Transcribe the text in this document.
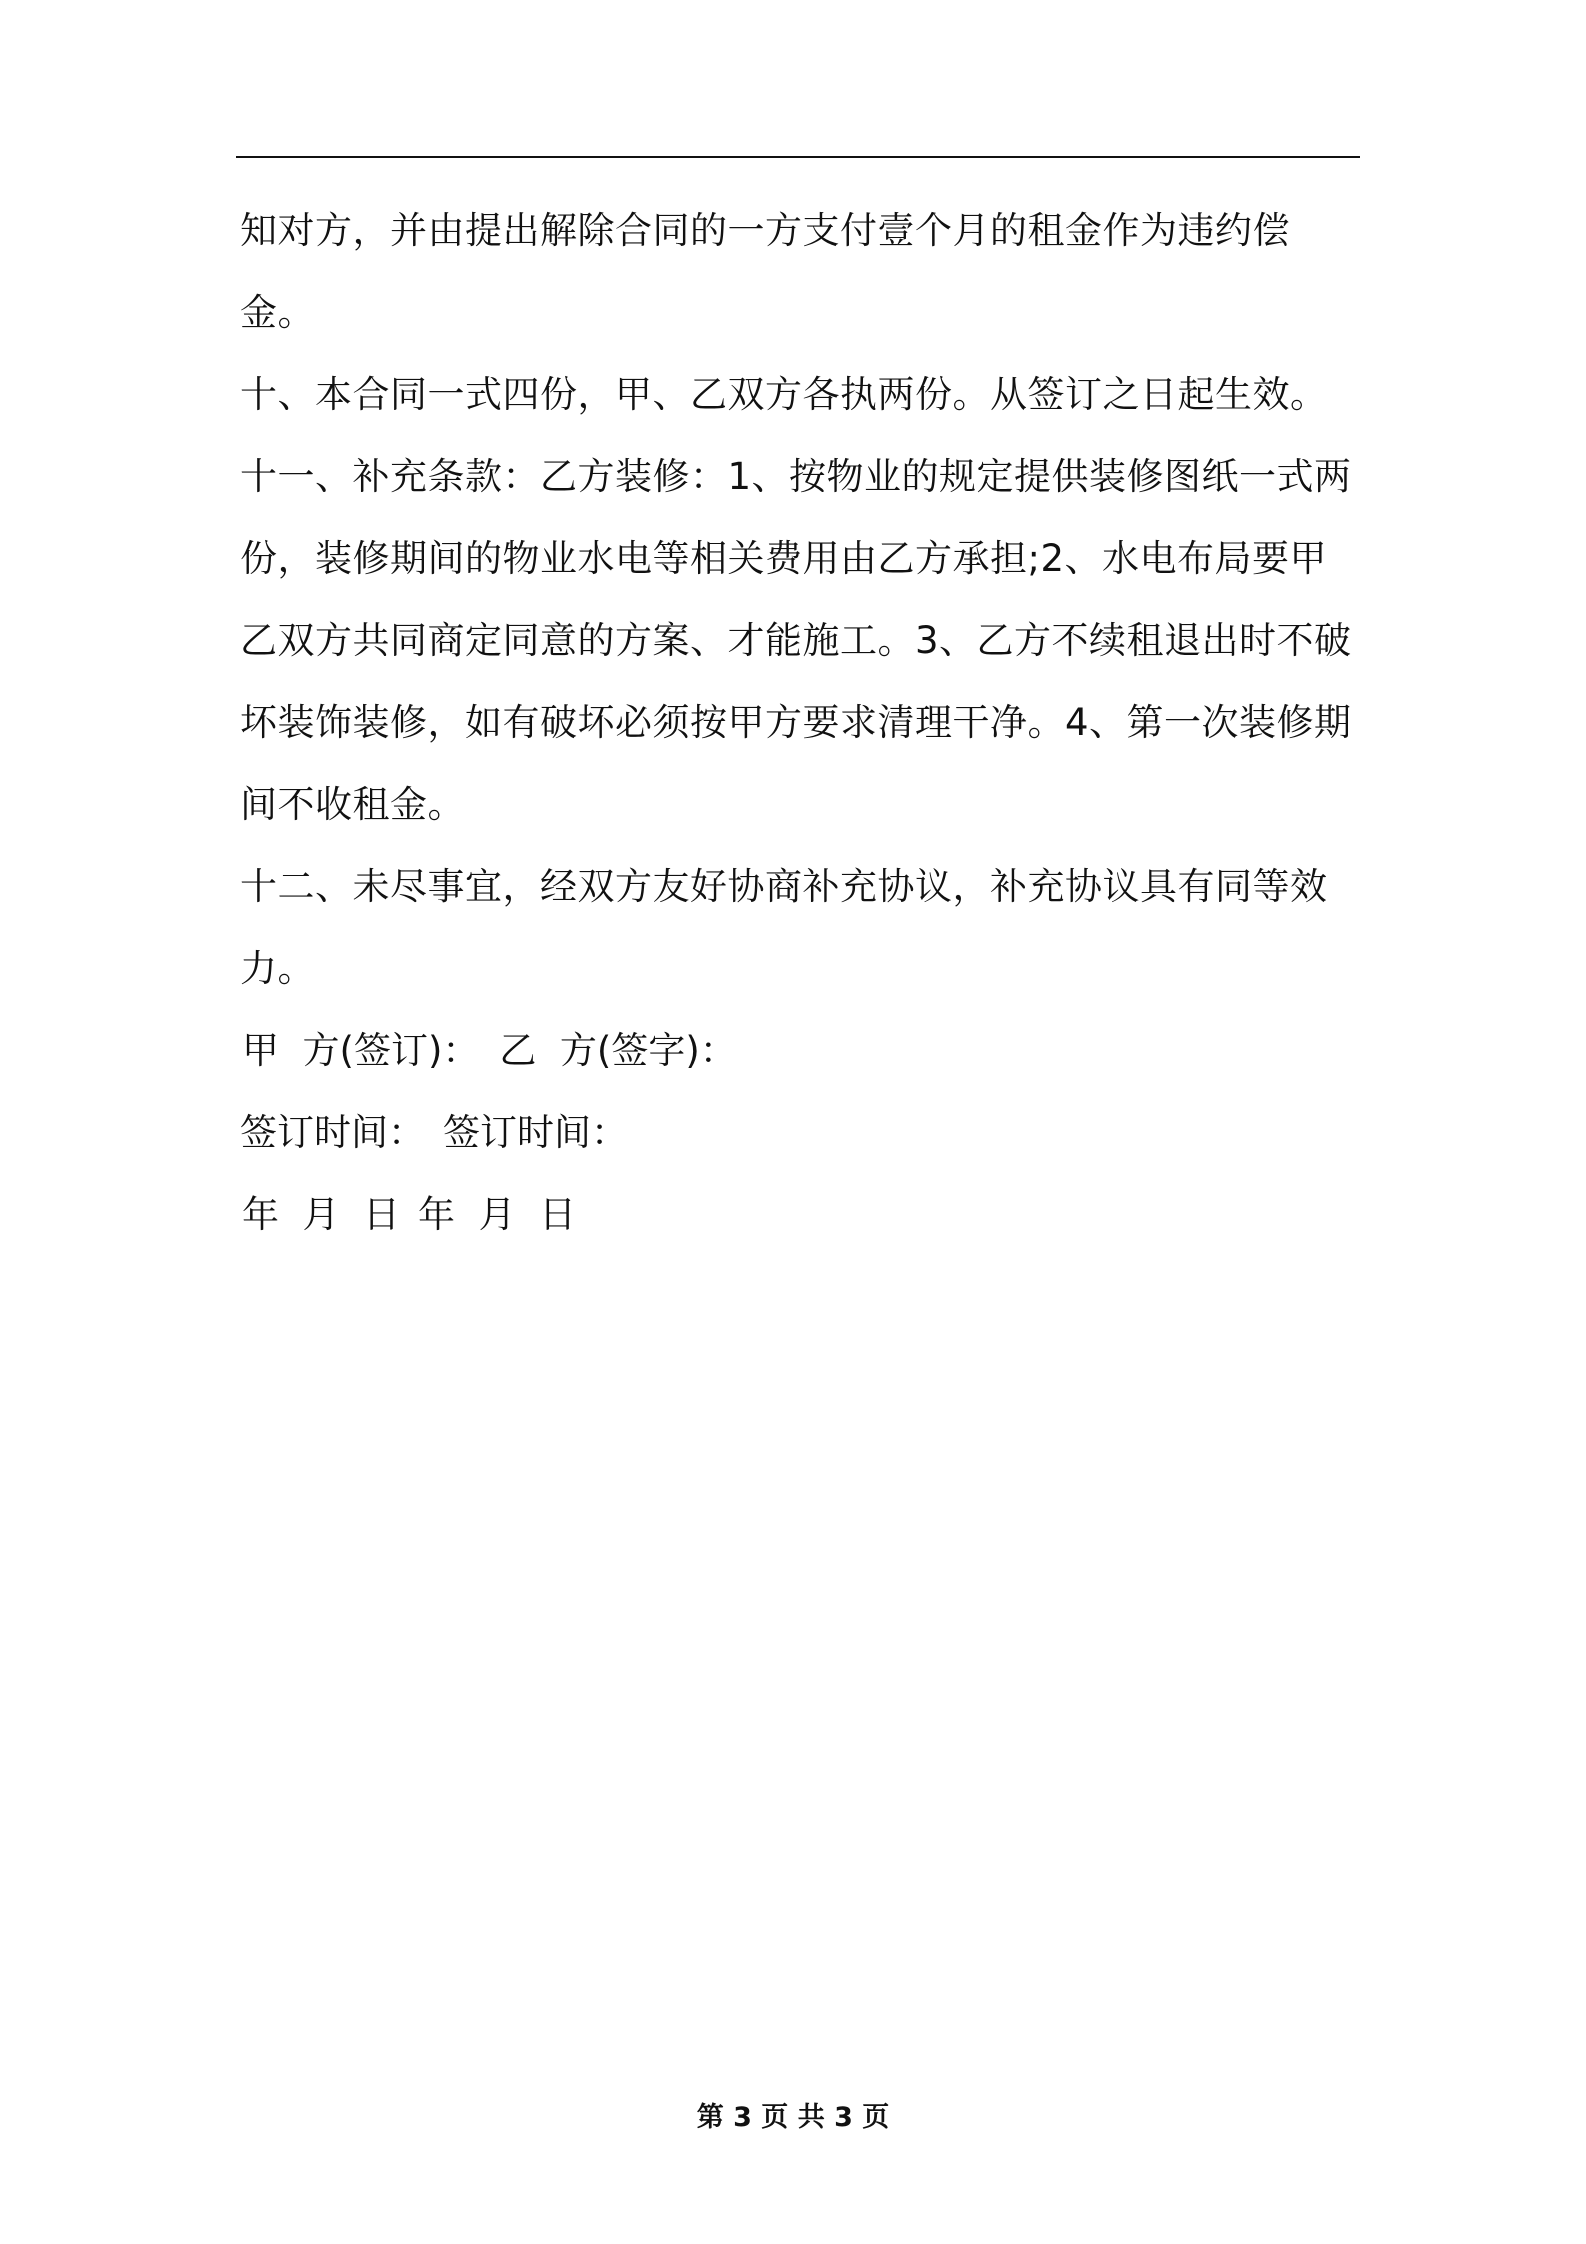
知对方，并由提出解除合同的一方支付壹个月的租金作为违约偿金。

十、本合同一式四份，甲、乙双方各执两份。从签订之日起生效。

十一、补充条款：乙方装修：1、按物业的规定提供装修图纸一式两份，装修期间的物业水电等相关费用由乙方承担;2、水电布局要甲乙双方共同商定同意的方案、才能施工。3、乙方不续租退出时不破坏装饰装修，如有破坏必须按甲方要求清理干净。4、第一次装修期间不收租金。

十二、未尽事宜，经双方友好协商补充协议，补充协议具有同等效力。

甲  方(签订)： 乙  方(签字)：
签订时间： 签订时间：
年  月  日 年  月  日
第 3 页 共 3 页
